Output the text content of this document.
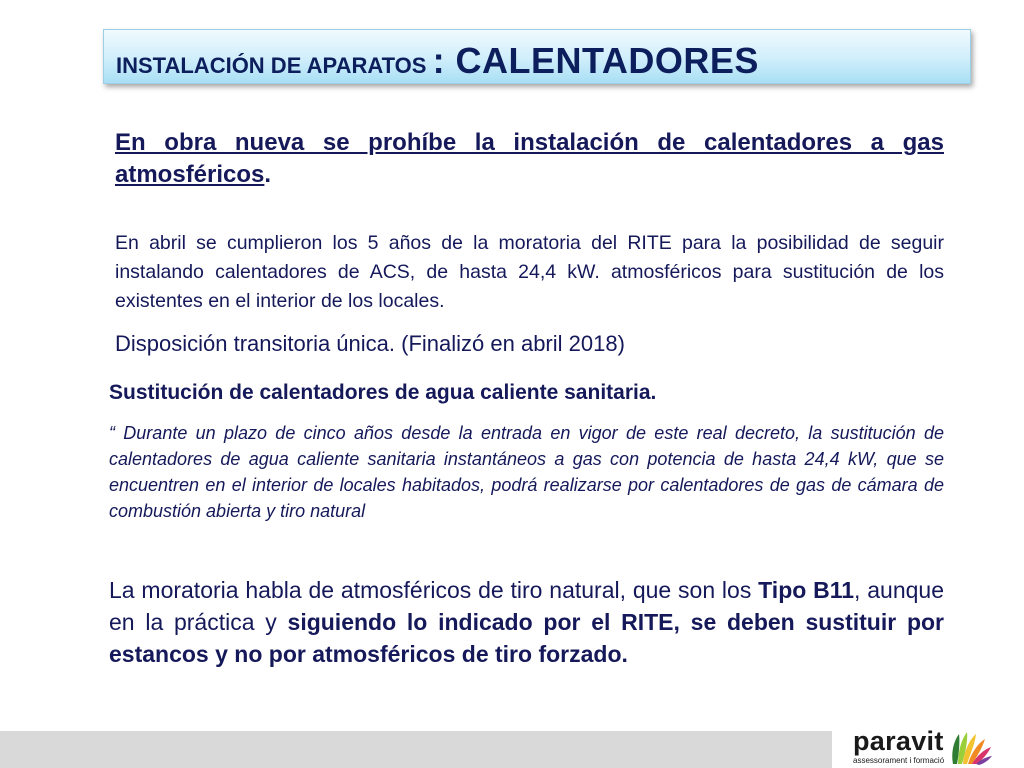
INSTALACIÓN DE APARATOS : CALENTADORES
En obra nueva se prohíbe la instalación de calentadores a gas atmosféricos.
En abril se cumplieron los 5 años de la moratoria del RITE para la posibilidad de seguir instalando calentadores de ACS, de hasta 24,4 kW. atmosféricos para sustitución de los existentes en el interior de los locales.
Disposición transitoria única. (Finalizó en abril 2018)
Sustitución de calentadores de agua caliente sanitaria.
“ Durante un plazo de cinco años desde la entrada en vigor de este real decreto, la sustitución de calentadores de agua caliente sanitaria instantáneos a gas con potencia de hasta 24,4 kW, que se encuentren en el interior de locales habitados, podrá realizarse por calentadores de gas de cámara de combustión abierta y tiro natural
La moratoria habla de atmosféricos de tiro natural, que son los Tipo B11, aunque en la práctica y siguiendo lo indicado por el RITE, se deben sustituir por estancos y no por atmosféricos de tiro forzado.
paravit
assessorament i formació
